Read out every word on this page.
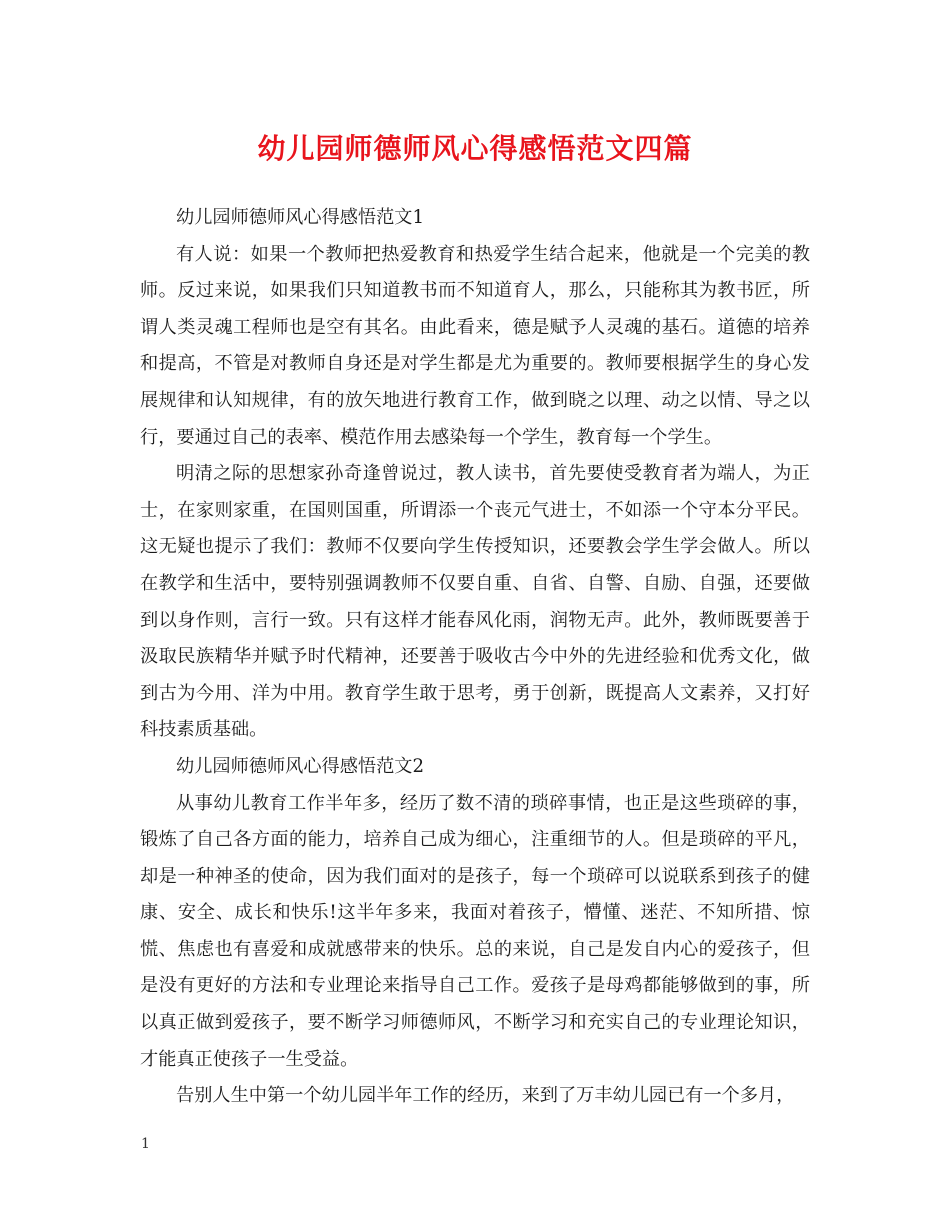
幼儿园师德师风心得感悟范文四篇

幼儿园师德师风心得感悟范文1

有人说：如果一个教师把热爱教育和热爱学生结合起来，他就是一个完美的教师。反过来说，如果我们只知道教书而不知道育人，那么，只能称其为教书匠，所谓人类灵魂工程师也是空有其名。由此看来，德是赋予人灵魂的基石。道德的培养和提高，不管是对教师自身还是对学生都是尤为重要的。教师要根据学生的身心发展规律和认知规律，有的放矢地进行教育工作，做到晓之以理、动之以情、导之以行，要通过自己的表率、模范作用去感染每一个学生，教育每一个学生。

明清之际的思想家孙奇逢曾说过，教人读书，首先要使受教育者为端人，为正士，在家则家重，在国则国重，所谓添一个丧元气进士，不如添一个守本分平民。这无疑也提示了我们：教师不仅要向学生传授知识，还要教会学生学会做人。所以在教学和生活中，要特别强调教师不仅要自重、自省、自警、自励、自强，还要做到以身作则，言行一致。只有这样才能春风化雨，润物无声。此外，教师既要善于汲取民族精华并赋予时代精神，还要善于吸收古今中外的先进经验和优秀文化，做到古为今用、洋为中用。教育学生敢于思考，勇于创新，既提高人文素养，又打好科技素质基础。

幼儿园师德师风心得感悟范文2

从事幼儿教育工作半年多，经历了数不清的琐碎事情，也正是这些琐碎的事，锻炼了自己各方面的能力，培养自己成为细心，注重细节的人。但是琐碎的平凡，却是一种神圣的使命，因为我们面对的是孩子，每一个琐碎可以说联系到孩子的健康、安全、成长和快乐!这半年多来，我面对着孩子，懵懂、迷茫、不知所措、惊慌、焦虑也有喜爱和成就感带来的快乐。总的来说，自己是发自内心的爱孩子，但是没有更好的方法和专业理论来指导自己工作。爱孩子是母鸡都能够做到的事，所以真正做到爱孩子，要不断学习师德师风，不断学习和充实自己的专业理论知识，才能真正使孩子一生受益。

告别人生中第一个幼儿园半年工作的经历，来到了万丰幼儿园已有一个多月，

1
